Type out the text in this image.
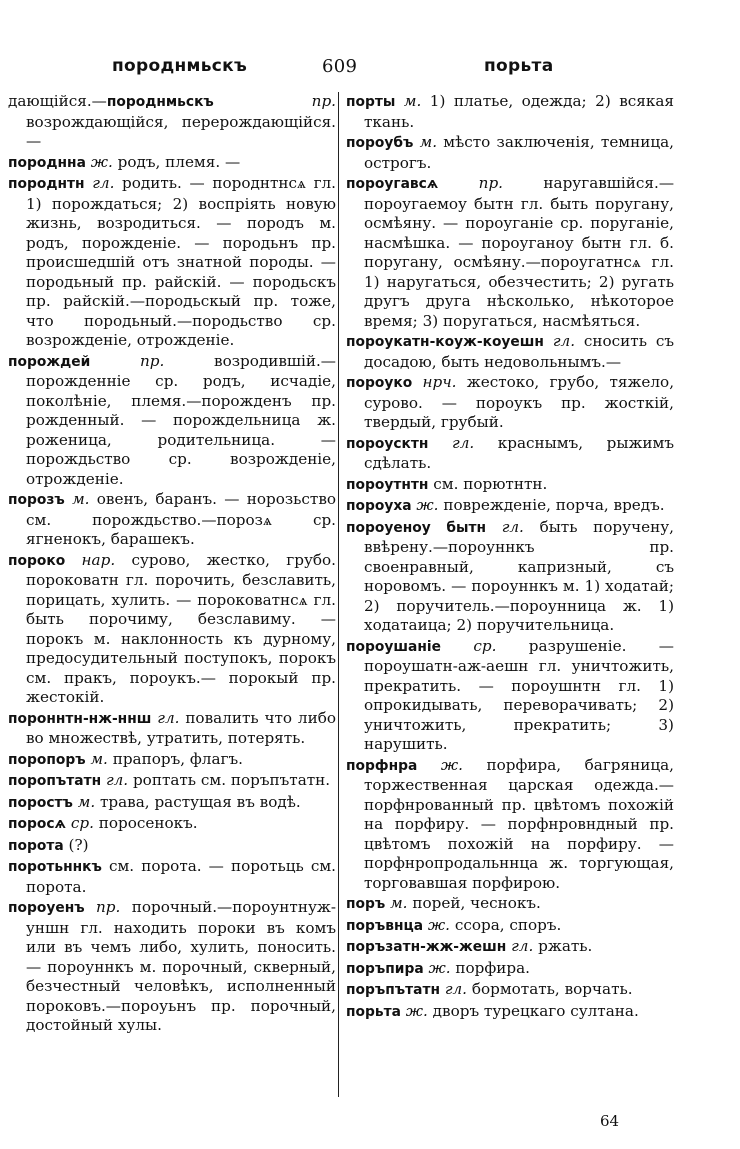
породнмьскъ	609	порьтa
дающійся.—породнмьскъ	пр. возрождающійся, перерождающійся.—
породнна ж. родъ, племя. —
породнтн гл. родить. — породнтнсѧ гл. 1) порождаться; 2) воспріять новую жизнь, возродиться. — породъ м. родъ, порожденіе. — породьнъ пр. происшедшій отъ знатной породы. — породьный пр. райскій. — породьскъ пр. райскій.—породьскый пр. тоже, что породьный.—породьство ср. возрожденіе, отрожденіе.
порождей	пр.	возродившій.—порожденніе ср. родъ, исчадіе, поколѣніе, племя.—порожденъ пр. рожденный. — порождельница ж. роженица, родительница. — порождьство ср. возрожденіе, отрожденіе.
порозъ м. овенъ, баранъ. — норозьство см. порождьство.—порозѧ ср. ягненокъ, барашекъ.
пороко нар. сурово, жестко, грубо. пороковатн гл. порочить, безславить, порицать, хулить. — пороковатнсѧ гл. быть порочиму, безславиму. — порокъ м. наклонность къ дурному, предосудительный поступокъ, порокъ см. пракъ, пороукъ.— порокый пр. жестокій.
пороннтн-нж-ннш гл. повалить что либо во множествѣ, утратить, потерять.
поропоръ м. прапоръ, флагъ.
поропътатн гл. роптать см. поръпътатн.
поростъ м. трава, растущая въ водѣ.
поросѧ ср. поросенокъ.
порота (?)
поротьннкъ см. порота. — поротьць см. порота.
пороуенъ пр. порочный.—пороунтнуж-уншн гл. находить пороки въ комъ или въ чемъ либо, хулить, поносить. — пороуннкъ м. порочный, скверный, безчестный человѣкъ, исполненный пороковъ.—пороуьнъ пр. порочный, достойный хулы.
порты м. 1) платье, одежда; 2) всякая ткань.
пороубъ м. мѣсто заключенія, темница, острогъ.
пороугавсѧ	пр.	наругавшійся.—пороугаемоу бытн гл. быть поругану, осмѣяну. — пороуганіе ср. поруганіе, насмѣшка. — пороуганоу бытн гл. б. поругану, осмѣяну.—пороугатнсѧ гл. 1) наругаться, обезчестить; 2) ругать другъ друга нѣсколько, нѣкоторое время; 3) поругаться, насмѣяться.
пороукатн-коуж-коуешн гл. сносить съ досадою, быть недовольнымъ.—
пороуко нрч. жестоко, грубо, тяжело, сурово. — пороукъ пр. жосткій, твердый, грубый.
пороусктн гл. краснымъ, рыжимъ сдѣлать.
пороутнтн см. порютнтн.
пороуха ж. поврежденіе, порча, вредъ.
пороуеноу бытн гл. быть поручену, ввѣрену.—пороуннкъ пр. своенравный, капризный, съ норовомъ. — пороуннкъ м. 1) ходатай; 2) поручитель.—пороунница ж. 1) ходатаица; 2) поручительница.
пороушаніе ср. разрушеніе. — пороушатн-аж-аешн гл. уничтожить, прекратить. — пороушнтн гл. 1) опрокидывать, переворачивать; 2) уничтожить, прекратить; 3) нарушить.
порфнра ж. порфира, багряница, торжественная царская одежда.—порфнрованный пр. цвѣтомъ похожій на порфиру. — порфнровндный пр. цвѣтомъ похожій на порфиру. — порфнропродальннца ж. торгующая, торговавшая порфирою.
поръ м. порей, чеснокъ.
поръвнца ж. ссора, споръ.
поръзатн-жж-жешн гл. ржать.
поръпира ж. порфира.
поръпътатн гл. бормотать, ворчать.
порьта ж. дворъ турецкаго султана.
64
